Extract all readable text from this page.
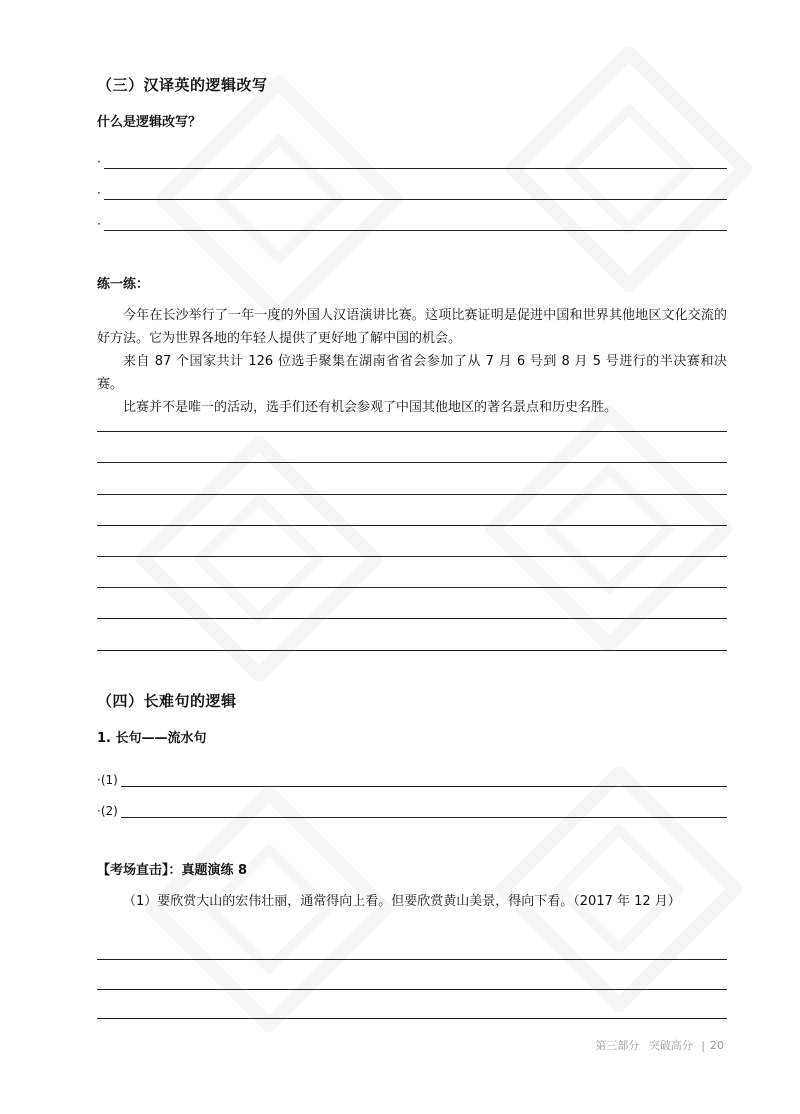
（三）汉译英的逻辑改写
什么是逻辑改写？
·
·
·
练一练：

今年在长沙举行了一年一度的外国人汉语演讲比赛。这项比赛证明是促进中国和世界其他地区文化交流的好方法。它为世界各地的年轻人提供了更好地了解中国的机会。

来自 87 个国家共计 126 位选手聚集在湖南省省会参加了从 7 月 6 号到 8 月 5 号进行的半决赛和决赛。

比赛并不是唯一的活动，选手们还有机会参观了中国其他地区的著名景点和历史名胜。

（四）长难句的逻辑
1. 长句——流水句
·(1)
·(2)
【考场直击】：真题演练 8

（1）要欣赏大山的宏伟壮丽，通常得向上看。但要欣赏黄山美景，得向下看。（2017 年 12 月）

第三部分 突破高分 | 20
